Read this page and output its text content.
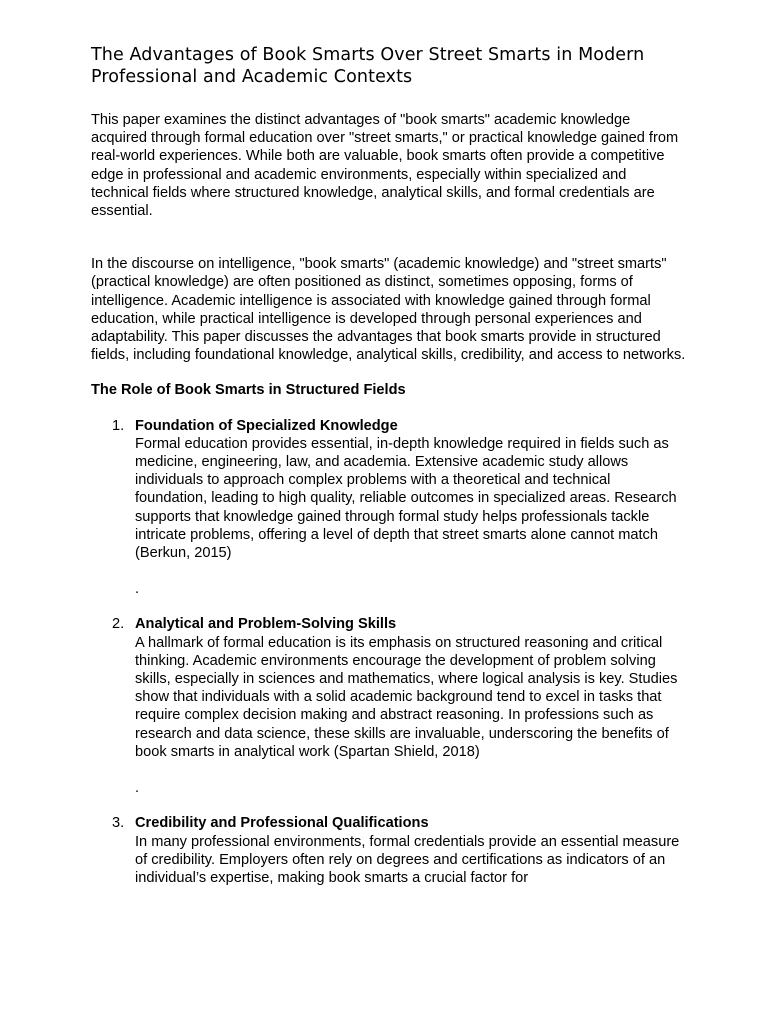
The Advantages of Book Smarts Over Street Smarts in Modern Professional and Academic Contexts

This paper examines the distinct advantages of "book smarts" academic knowledge acquired through formal education over "street smarts," or practical knowledge gained from real-world experiences. While both are valuable, book smarts often provide a competitive edge in professional and academic environments, especially within specialized and technical fields where structured knowledge, analytical skills, and formal credentials are essential.

In the discourse on intelligence, "book smarts" (academic knowledge) and "street smarts" (practical knowledge) are often positioned as distinct, sometimes opposing, forms of intelligence. Academic intelligence is associated with knowledge gained through formal education, while practical intelligence is developed through personal experiences and adaptability. This paper discusses the advantages that book smarts provide in structured fields, including foundational knowledge, analytical skills, credibility, and access to networks.

The Role of Book Smarts in Structured Fields
1. Foundation of Specialized Knowledge
Formal education provides essential, in-depth knowledge required in fields such as medicine, engineering, law, and academia. Extensive academic study allows individuals to approach complex problems with a theoretical and technical foundation, leading to high quality, reliable outcomes in specialized areas. Research supports that knowledge gained through formal study helps professionals tackle intricate problems, offering a level of depth that street smarts alone cannot match (Berkun, 2015)
.
2. Analytical and Problem-Solving Skills
A hallmark of formal education is its emphasis on structured reasoning and critical thinking. Academic environments encourage the development of problem solving skills, especially in sciences and mathematics, where logical analysis is key. Studies show that individuals with a solid academic background tend to excel in tasks that require complex decision making and abstract reasoning. In professions such as research and data science, these skills are invaluable, underscoring the benefits of book smarts in analytical work (Spartan Shield, 2018)
.
3. Credibility and Professional Qualifications
In many professional environments, formal credentials provide an essential measure of credibility. Employers often rely on degrees and certifications as indicators of an individual’s expertise, making book smarts a crucial factor for
